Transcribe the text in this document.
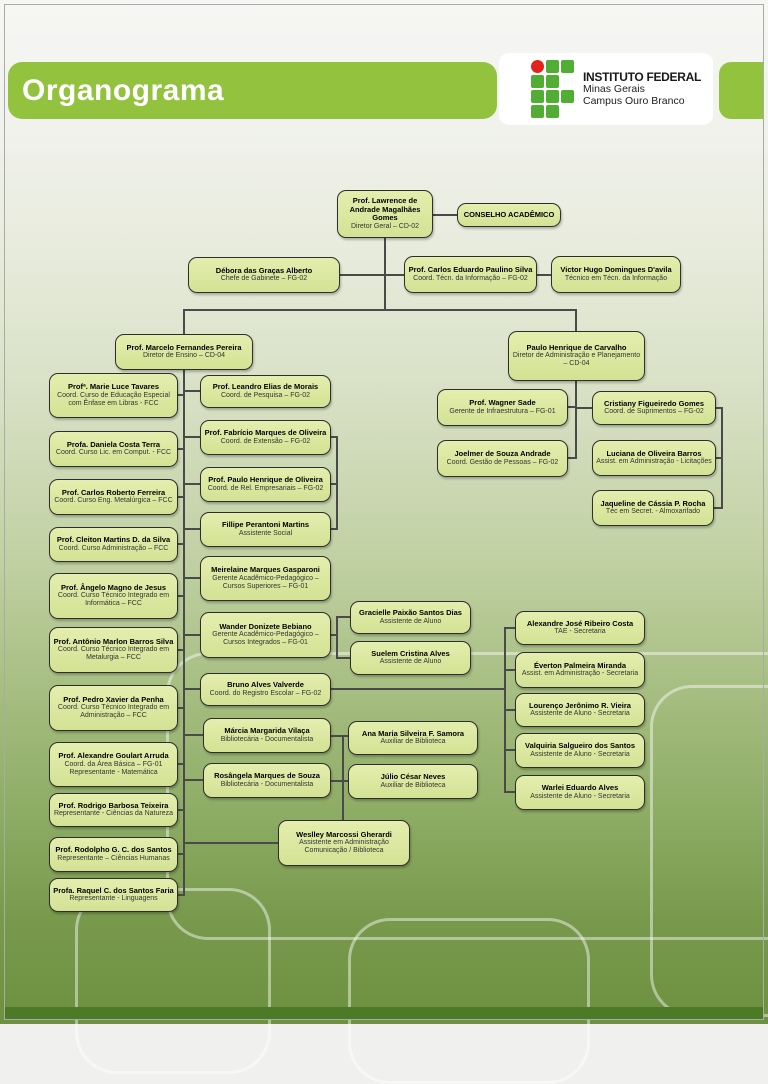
Organograma	INSTITUTO FEDERAL
Minas Gerais
Campus Ouro Branco
Prof. Lawrence de Andrade Magalhães Gomes
Diretor Geral – CD-02
CONSELHO ACADÊMICO
Débora das Graças Alberto
Chefe de Gabinete – FG-02
Prof. Carlos Eduardo Paulino Silva
Coord. Técn. da Informação – FG-02
Victor Hugo Domingues D'avila
Técnico em Técn. da Informação
Prof. Marcelo Fernandes Pereira
Diretor de Ensino – CD-04
Paulo Henrique de Carvalho
Diretor de Administração e Planejamento – CD-04
Profª. Marie Luce Tavares
Coord. Curso de Educação Especial com Ênfase em Libras - FCC
Profa. Daniela Costa Terra
Coord. Curso Lic. em Comput. - FCC
Prof. Carlos Roberto Ferreira
Coord. Curso Eng. Metalúrgica – FCC
Prof. Cleiton Martins D. da Silva
Coord. Curso Administração – FCC
Prof. Ângelo Magno de Jesus
Coord. Curso Técnico Integrado em Informática – FCC
Prof. Antônio Marlon Barros Silva
Coord. Curso Técnico Integrado em Metalurgia – FCC
Prof. Pedro Xavier da Penha
Coord. Curso Técnico Integrado em Administração – FCC
Prof. Alexandre Goulart Arruda
Coord. da Área Básica – FG-01
Representante - Matemática
Prof. Rodrigo Barbosa Teixeira
Representante - Ciências da Natureza
Prof. Rodolpho G. C. dos Santos
Representante – Ciências Humanas
Profa. Raquel C. dos Santos Faria
Representante - Linguagens
Prof. Leandro Elias de Morais
Coord. de Pesquisa – FG-02
Prof. Fabrício Marques de Oliveira
Coord. de Extensão – FG-02
Prof. Paulo Henrique de Oliveira
Coord. de Rel. Empresariais – FG-02
Fillipe Perantoni Martins
Assistente Social
Meirelaine Marques Gasparoni
Gerente Acadêmico-Pedagógico – Cursos Superiores – FG-01
Wander Donizete Bebiano
Gerente Acadêmico-Pedagógico – Cursos Integrados – FG-01
Bruno Alves Valverde
Coord. do Registro Escolar – FG-02
Márcia Margarida Vilaça
Bibliotecária - Documentalista
Rosângela Marques de Souza
Bibliotecária - Documentalista
Weslley Marcossi Gherardi
Assistente em Administração
Comunicação / Biblioteca
Gracielle Paixão Santos Dias
Assistente de Aluno
Suelem Cristina Alves
Assistente de Aluno
Ana Maria Silveira F. Samora
Auxiliar de Biblioteca
Júlio César Neves
Auxiliar de Biblioteca
Prof. Wagner Sade
Gerente de Infraestrutura – FG-01
Joelmer de Souza Andrade
Coord. Gestão de Pessoas – FG-02
Cristiany Figueiredo Gomes
Coord. de Suprimentos – FG-02
Luciana de Oliveira Barros
Assist. em Administração - Licitações
Jaqueline de Cássia P. Rocha
Téc em Secret. - Almoxarifado
Alexandre José Ribeiro Costa
TAE - Secretaria
Éverton Palmeira Miranda
Assist. em Administração - Secretaria
Lourenço Jerônimo R. Vieira
Assistente de Aluno - Secretaria
Valquiria Salgueiro dos Santos
Assistente de Aluno - Secretaria
Warlei Eduardo Alves
Assistente de Aluno - Secretaria
